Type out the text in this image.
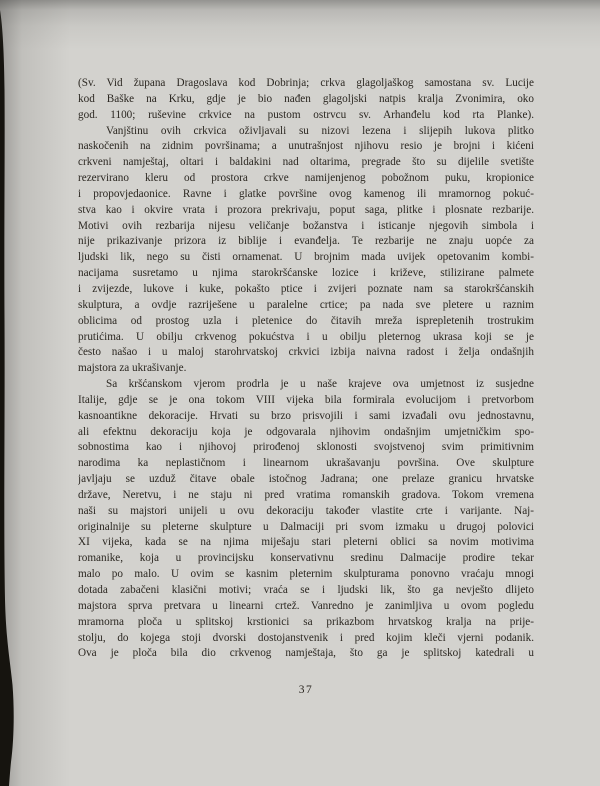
(Sv. Vid župana Dragoslava kod Dobrinja; crkva glagoljaškog samostana sv. Lucije
kod Baške na Krku, gdje je bio nađen glagoljski natpis kralja Zvonimira, oko
god. 1100; ruševine crkvice na pustom ostrvcu sv. Arhanđelu kod rta Planke).
Vanjštinu ovih crkvica oživljavali su nizovi lezena i slijepih lukova plitko
naskočenih na zidnim površinama; a unutrašnjost njihovu resio je brojni i kićeni
crkveni namještaj, oltari i baldakini nad oltarima, pregrade što su dijelile svetište
rezervirano kleru od prostora crkve namijenjenog pobožnom puku, kropionice
i propovjedaonice. Ravne i glatke površine ovog kamenog ili mramornog pokuć-
stva kao i okvire vrata i prozora prekrivaju, poput saga, plitke i plosnate rezbarije.
Motivi ovih rezbarija nijesu veličanje božanstva i isticanje njegovih simbola i
nije prikazivanje prizora iz biblije i evanđelja. Te rezbarije ne znaju uopće za
ljudski lik, nego su čisti ornamenat. U brojnim mada uvijek opetovanim kombi-
nacijama susretamo u njima starokršćanske lozice i križeve, stilizirane palmete
i zvijezde, lukove i kuke, pokašto ptice i zvijeri poznate nam sa starokršćanskih
skulptura, a ovdje razriješene u paralelne crtice; pa nada sve pletere u raznim
oblicima od prostog uzla i pletenice do čitavih mreža isprepletenih trostrukim
prutićima. U obilju crkvenog pokućstva i u obilju pleternog ukrasa koji se je
često našao i u maloj starohrvatskoj crkvici izbija naivna radost i želja ondašnjih
majstora za ukrašivanje.
Sa kršćanskom vjerom prodrla je u naše krajeve ova umjetnost iz susjedne
Italije, gdje se je ona tokom VIII vijeka bila formirala evolucijom i pretvorbom
kasnoantikne dekoracije. Hrvati su brzo prisvojili i sami izvađali ovu jednostavnu,
ali efektnu dekoraciju koja je odgovarala njihovim ondašnjim umjetničkim spo-
sobnostima kao i njihovoj prirođenoj sklonosti svojstvenoj svim primitivnim
narodima ka neplastičnom i linearnom ukrašavanju površina. Ove skulpture
javljaju se uzduž čitave obale istočnog Jadrana; one prelaze granicu hrvatske
države, Neretvu, i ne staju ni pred vratima romanskih gradova. Tokom vremena
naši su majstori unijeli u ovu dekoraciju također vlastite crte i varijante. Naj-
originalnije su pleterne skulpture u Dalmaciji pri svom izmaku u drugoj polovici
XI vijeka, kada se na njima miješaju stari pleterni oblici sa novim motivima
romanike, koja u provincijsku konservativnu sredinu Dalmacije prodire tekar
malo po malo. U ovim se kasnim pleternim skulpturama ponovno vraćaju mnogi
dotada zabačeni klasični motivi; vraća se i ljudski lik, što ga nevješto dlijeto
majstora sprva pretvara u linearni crtež. Vanredno je zanimljiva u ovom pogledu
mramorna ploča u splitskoj krstionici sa prikazbom hrvatskog kralja na prije-
stolju, do kojega stoji dvorski dostojanstvenik i pred kojim kleči vjerni podanik.
Ova je ploča bila dio crkvenog namještaja, što ga je splitskoj katedrali u
37
